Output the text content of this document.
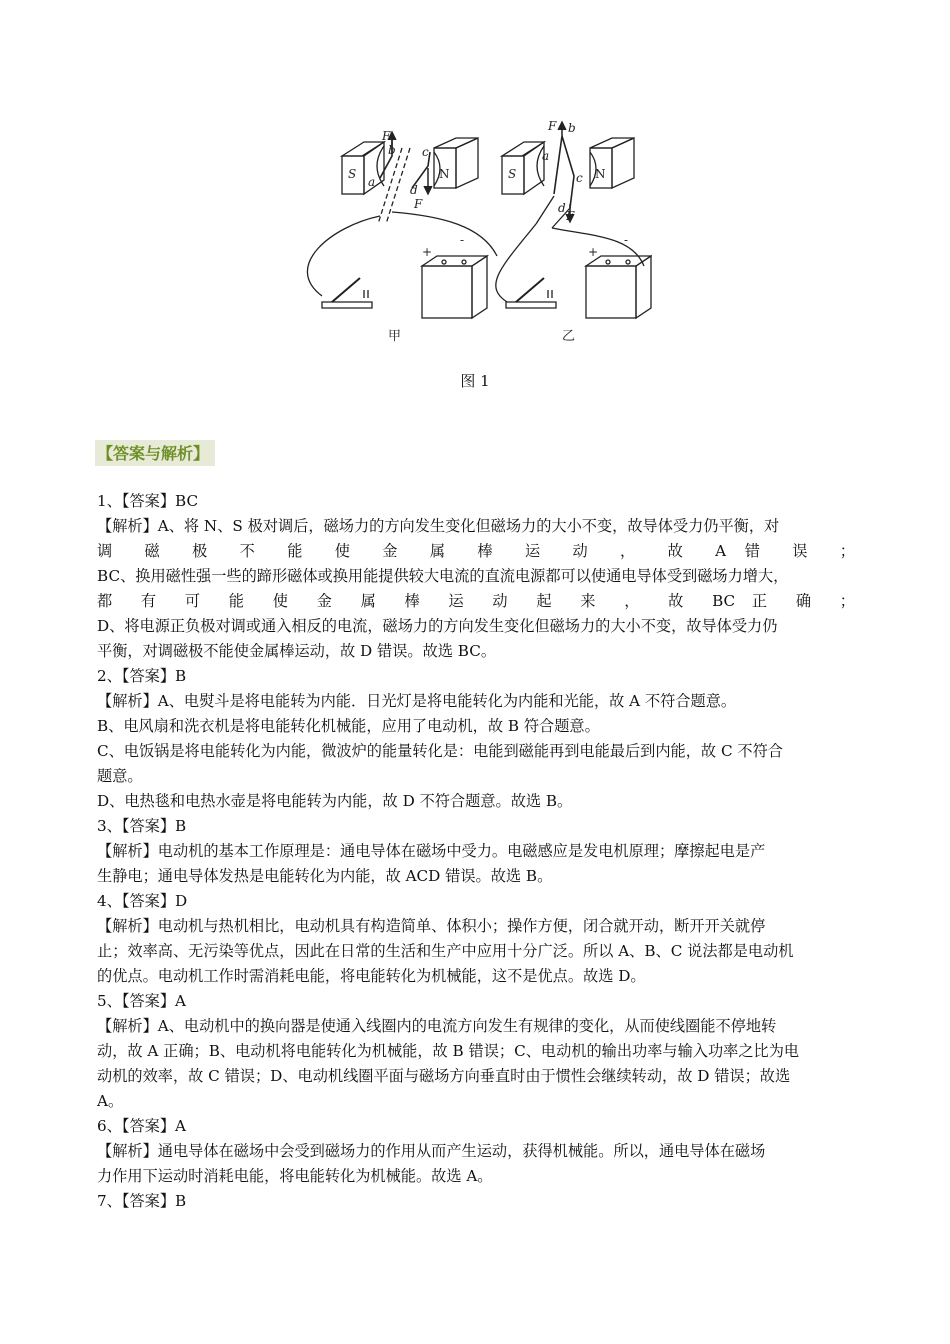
S	N
F
b
a
c
d
F
+
-
甲
S	N
F b
a
c
d
F
+
-
乙
图 1
【答案与解析】

1、【答案】BC

【解析】A、将 N、S 极对调后，磁场力的方向发生变化但磁场力的大小不变，故导体受力仍平衡，对

调 磁 极 不 能 使 金 属 棒 运 动 ， 故 A 错 误 ；

BC、换用磁性强一些的蹄形磁体或换用能提供较大电流的直流电源都可以使通电导体受到磁场力增大，

都 有 可 能 使 金 属 棒 运 动 起 来 ， 故 BC 正 确 ；

D、将电源正负极对调或通入相反的电流，磁场力的方向发生变化但磁场力的大小不变，故导体受力仍

平衡，对调磁极不能使金属棒运动，故 D 错误。故选 BC。

2、【答案】B

【解析】A、电熨斗是将电能转为内能．日光灯是将电能转化为内能和光能，故 A 不符合题意。

B、电风扇和洗衣机是将电能转化机械能，应用了电动机，故 B 符合题意。

C、电饭锅是将电能转化为内能，微波炉的能量转化是：电能到磁能再到电能最后到内能，故 C 不符合

题意。

D、电热毯和电热水壶是将电能转为内能，故 D 不符合题意。故选 B。

3、【答案】B

【解析】电动机的基本工作原理是：通电导体在磁场中受力。电磁感应是发电机原理；摩擦起电是产

生静电；通电导体发热是电能转化为内能，故 ACD 错误。故选 B。

4、【答案】D

【解析】电动机与热机相比，电动机具有构造简单、体积小；操作方便，闭合就开动，断开开关就停

止；效率高、无污染等优点，因此在日常的生活和生产中应用十分广泛。所以 A、B、C 说法都是电动机

的优点。电动机工作时需消耗电能，将电能转化为机械能，这不是优点。故选 D。

5、【答案】A

【解析】A、电动机中的换向器是使通入线圈内的电流方向发生有规律的变化，从而使线圈能不停地转

动，故 A 正确；B、电动机将电能转化为机械能，故 B 错误；C、电动机的输出功率与输入功率之比为电

动机的效率，故 C 错误；D、电动机线圈平面与磁场方向垂直时由于惯性会继续转动，故 D 错误；故选

A。

6、【答案】A

【解析】通电导体在磁场中会受到磁场力的作用从而产生运动，获得机械能。所以，通电导体在磁场

力作用下运动时消耗电能，将电能转化为机械能。故选 A。

7、【答案】B
